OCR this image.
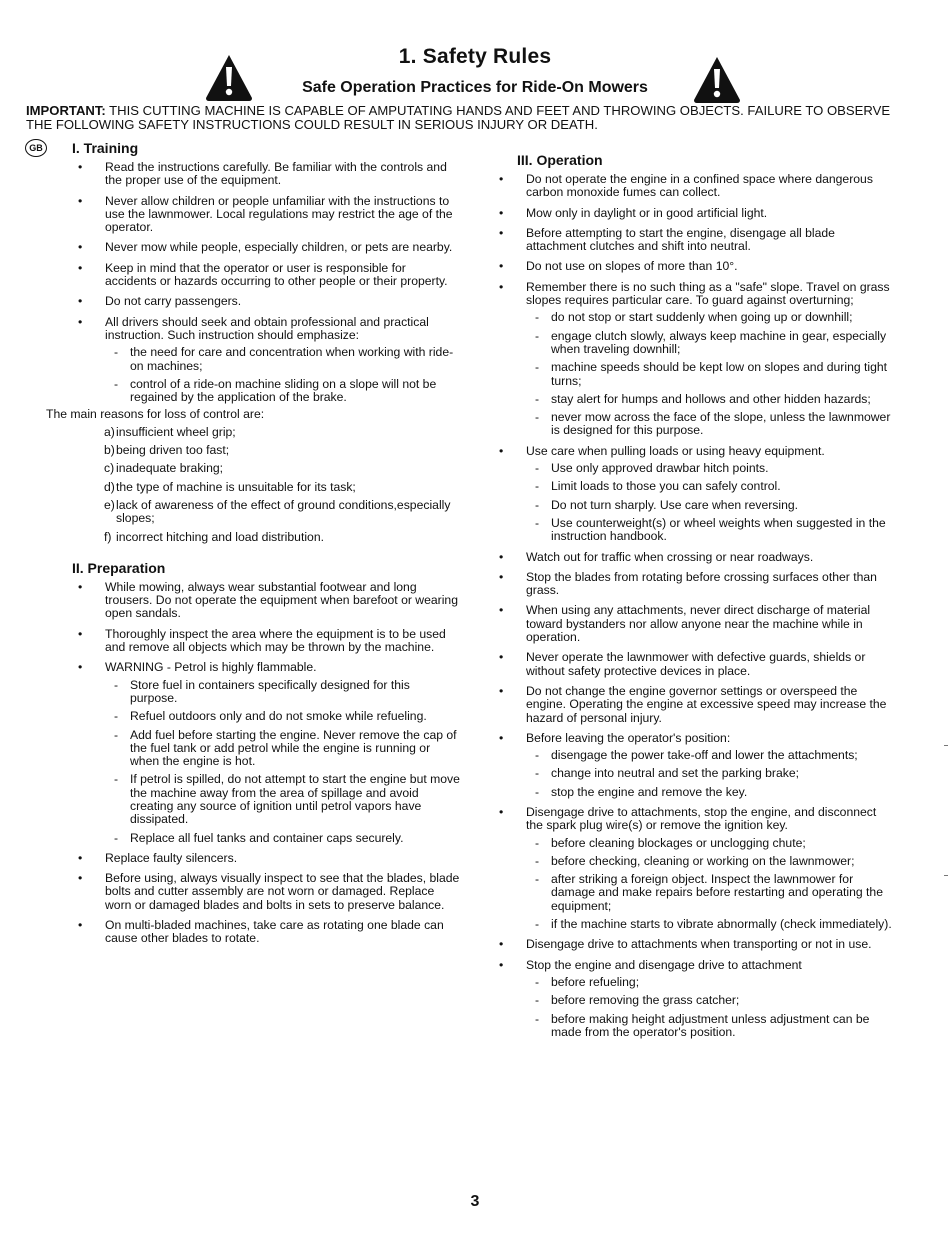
1. Safety Rules
Safe Operation Practices for Ride-On Mowers
IMPORTANT: THIS CUTTING MACHINE IS CAPABLE OF AMPUTATING HANDS AND FEET AND THROWING OBJECTS. FAILURE TO OBSERVE THE FOLLOWING SAFETY INSTRUCTIONS COULD RESULT IN SERIOUS INJURY OR DEATH.
GB	I. Training
• Read the instructions carefully. Be familiar with the controls and the proper use of the equipment.
• Never allow children or people unfamiliar with the instructions to use the lawnmower. Local regulations may restrict the age of the operator.
• Never mow while people, especially children, or pets are nearby.
• Keep in mind that the operator or user is responsible for accidents or hazards occurring to other people or their property.
• Do not carry passengers.
• All drivers should seek and obtain professional and practical instruction. Such instruction should emphasize:
- the need for care and concentration when working with ride-on machines;
- control of a ride-on machine sliding on a slope will not be regained by the application of the brake.
The main reasons for loss of control are:
a) insufficient wheel grip;
b) being driven too fast;
c) inadequate braking;
d) the type of machine is unsuitable for its task;
e) lack of awareness of the effect of ground conditions,especially slopes;
f) incorrect hitching and load distribution.
II. Preparation
• While mowing, always wear substantial footwear and long trousers. Do not operate the equipment when barefoot or wearing open sandals.
• Thoroughly inspect the area where the equipment is to be used and remove all objects which may be thrown by the machine.
• WARNING - Petrol is highly flammable.
- Store fuel in containers specifically designed for this purpose.
- Refuel outdoors only and do not smoke while refueling.
- Add fuel before starting the engine. Never remove the cap of the fuel tank or add petrol while the engine is running or when the engine is hot.
- If petrol is spilled, do not attempt to start the engine but move the machine away from the area of spillage and avoid creating any source of ignition until petrol vapors have dissipated.
- Replace all fuel tanks and container caps securely.
• Replace faulty silencers.
• Before using, always visually inspect to see that the blades, blade bolts and cutter assembly are not worn or damaged. Replace worn or damaged blades and bolts in sets to preserve balance.
• On multi-bladed machines, take care as rotating one blade can cause other blades to rotate.
III. Operation
• Do not operate the engine in a confined space where dangerous carbon monoxide fumes can collect.
• Mow only in daylight or in good artificial light.
• Before attempting to start the engine, disengage all blade attachment clutches and shift into neutral.
• Do not use on slopes of more than 10°.
• Remember there is no such thing as a "safe" slope. Travel on grass slopes requires particular care. To guard against overturning;
- do not stop or start suddenly when going up or downhill;
- engage clutch slowly, always keep machine in gear, especially when traveling downhill;
- machine speeds should be kept low on slopes and during tight turns;
- stay alert for humps and hollows and other hidden hazards;
- never mow across the face of the slope, unless the lawnmower is designed for this purpose.
• Use care when pulling loads or using heavy equipment.
- Use only approved drawbar hitch points.
- Limit loads to those you can safely control.
- Do not turn sharply. Use care when reversing.
- Use counterweight(s) or wheel weights when suggested in the instruction handbook.
• Watch out for traffic when crossing or near roadways.
• Stop the blades from rotating before crossing surfaces other than grass.
• When using any attachments, never direct discharge of material toward bystanders nor allow anyone near the machine while in operation.
• Never operate the lawnmower with defective guards, shields or without safety protective devices in place.
• Do not change the engine governor settings or overspeed the engine. Operating the engine at excessive speed may increase the hazard of personal injury.
• Before leaving the operator's position:
- disengage the power take-off and lower the attachments;
- change into neutral and set the parking brake;
- stop the engine and remove the key.
• Disengage drive to attachments, stop the engine, and disconnect the spark plug wire(s) or remove the ignition key.
- before cleaning blockages or unclogging chute;
- before checking, cleaning or working on the lawnmower;
- after striking a foreign object. Inspect the lawnmower for damage and make repairs before restarting and operating the equipment;
- if the machine starts to vibrate abnormally (check immediately).
• Disengage drive to attachments when transporting or not in use.
• Stop the engine and disengage drive to attachment
- before refueling;
- before removing the grass catcher;
- before making height adjustment unless adjustment can be made from the operator's position.
3
